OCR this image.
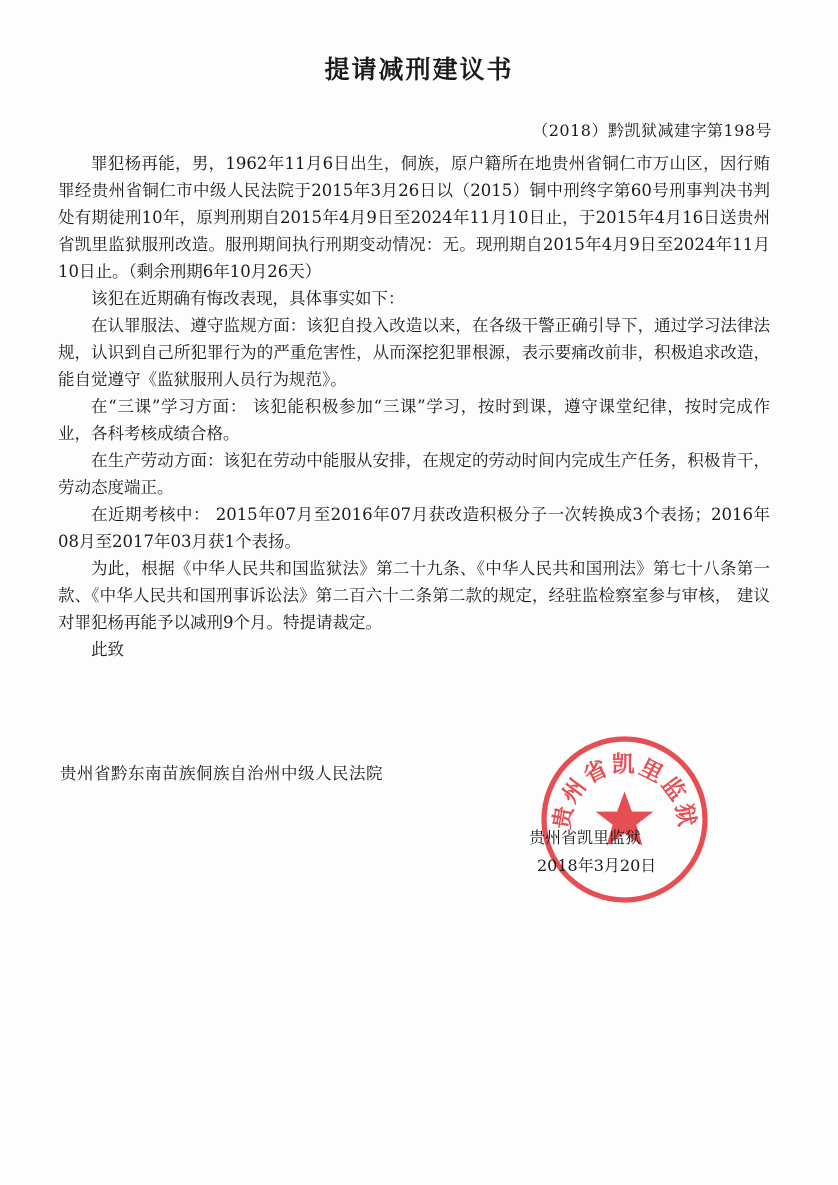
提请减刑建议书
（2018）黔凯狱减建字第198号

罪犯杨再能，男，1962年11月6日出生，侗族，原户籍所在地贵州省铜仁市万山区，因行贿罪经贵州省铜仁市中级人民法院于2015年3月26日以（2015）铜中刑终字第60号刑事判决书判处有期徒刑10年，原判刑期自2015年4月9日至2024年11月10日止，于2015年4月16日送贵州省凯里监狱服刑改造。服刑期间执行刑期变动情况：无。现刑期自2015年4月9日至2024年11月10日止。（剩余刑期6年10月26天）

该犯在近期确有悔改表现，具体事实如下：

在认罪服法、遵守监规方面：该犯自投入改造以来，在各级干警正确引导下，通过学习法律法规，认识到自己所犯罪行为的严重危害性，从而深挖犯罪根源，表示要痛改前非，积极追求改造，能自觉遵守《监狱服刑人员行为规范》。

在“三课”学习方面： 该犯能积极参加“三课”学习，按时到课，遵守课堂纪律，按时完成作业，各科考核成绩合格。

在生产劳动方面：该犯在劳动中能服从安排，在规定的劳动时间内完成生产任务，积极肯干，劳动态度端正。

在近期考核中： 2015年07月至2016年07月获改造积极分子一次转换成3个表扬；2016年08月至2017年03月获1个表扬。

为此，根据《中华人民共和国监狱法》第二十九条、《中华人民共和国刑法》第七十八条第一款、《中华人民共和国刑事诉讼法》第二百六十二条第二款的规定，经驻监检察室参与审核， 建议对罪犯杨再能予以减刑9个月。特提请裁定。

此致

贵州省黔东南苗族侗族自治州中级人民法院
贵州省凯里监狱
贵州省凯里监狱
2018年3月20日
